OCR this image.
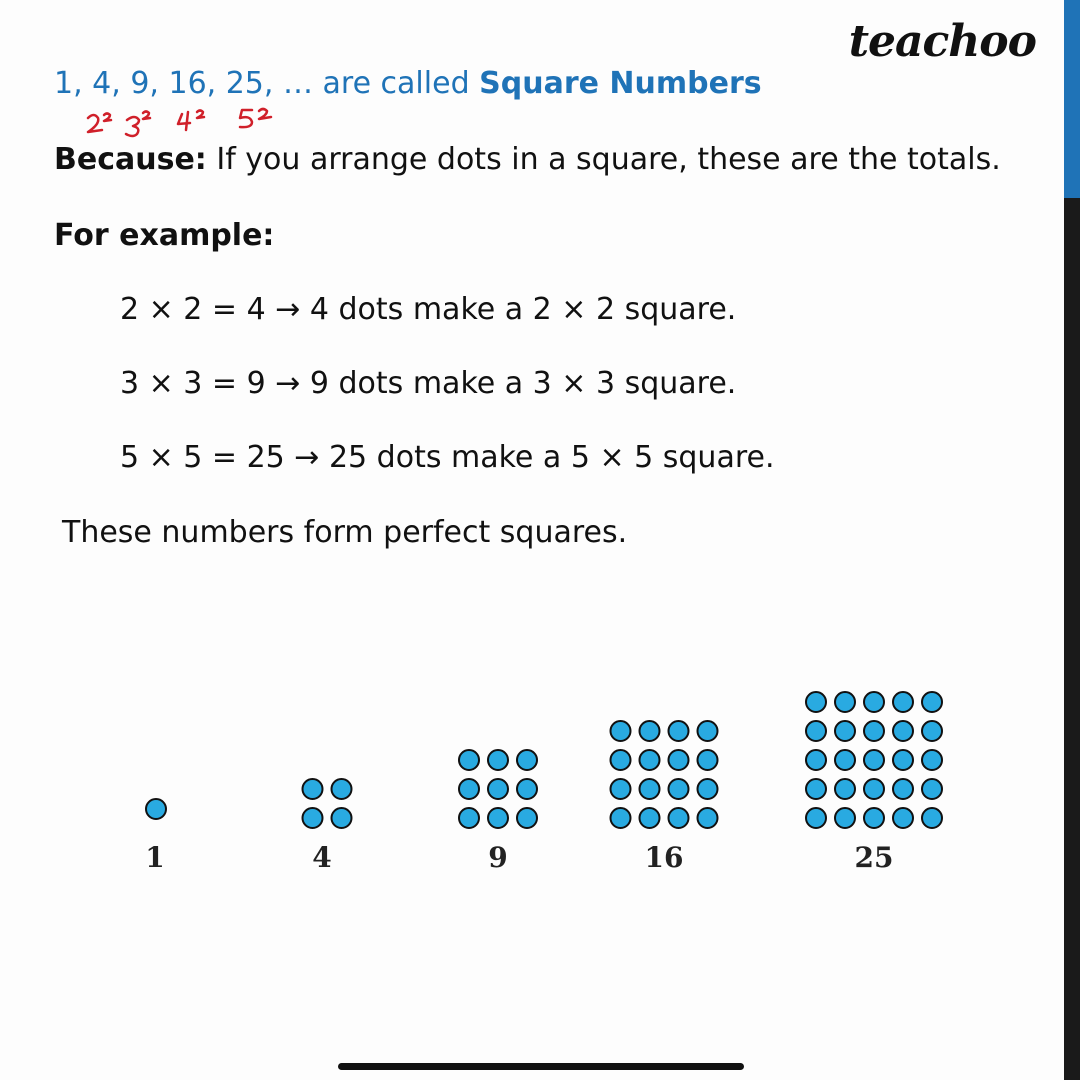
teachoo
1, 4, 9, 16, 25, … are called Square Numbers
Because: If you arrange dots in a square, these are the totals.
For example:
2 × 2 = 4 → 4 dots make a 2 × 2 square.
3 × 3 = 9 → 9 dots make a 3 × 3 square.
5 × 5 = 25 → 25 dots make a 5 × 5 square.
These numbers form perfect squares.
1	4	9	16	25
